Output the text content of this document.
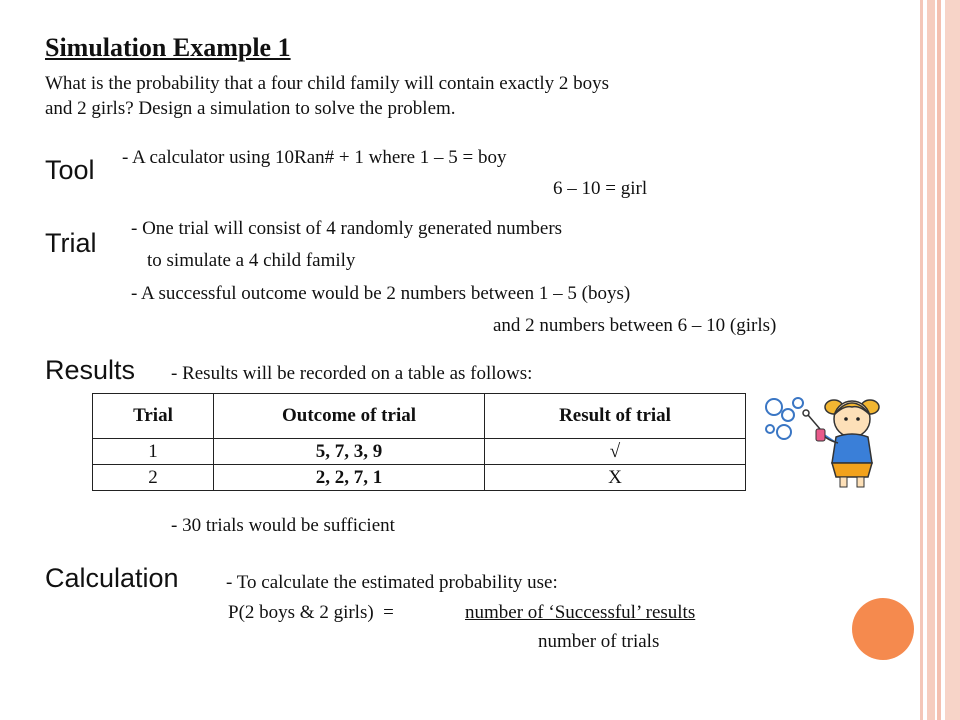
Simulation Example 1
What is the probability that a four child family will contain exactly 2 boys
and 2 girls? Design a simulation to solve the problem.
Tool - A calculator using 10Ran# + 1 where 1 – 5 = boy
6 – 10 = girl
Trial - One trial will consist of 4 randomly generated numbers
to simulate a 4 child family
- A successful outcome would be 2 numbers between 1 – 5 (boys)
and 2 numbers between 6 – 10 (girls)
Results - Results will be recorded on a table as follows:
Trial	Outcome of trial	Result of trial
1	5, 7, 3, 9	√
2	2, 2, 7, 1	X
- 30 trials would be sufficient
Calculation - To calculate the estimated probability use:
P(2 boys & 2 girls)  =	number of ‘Successful’ results
number of trials
